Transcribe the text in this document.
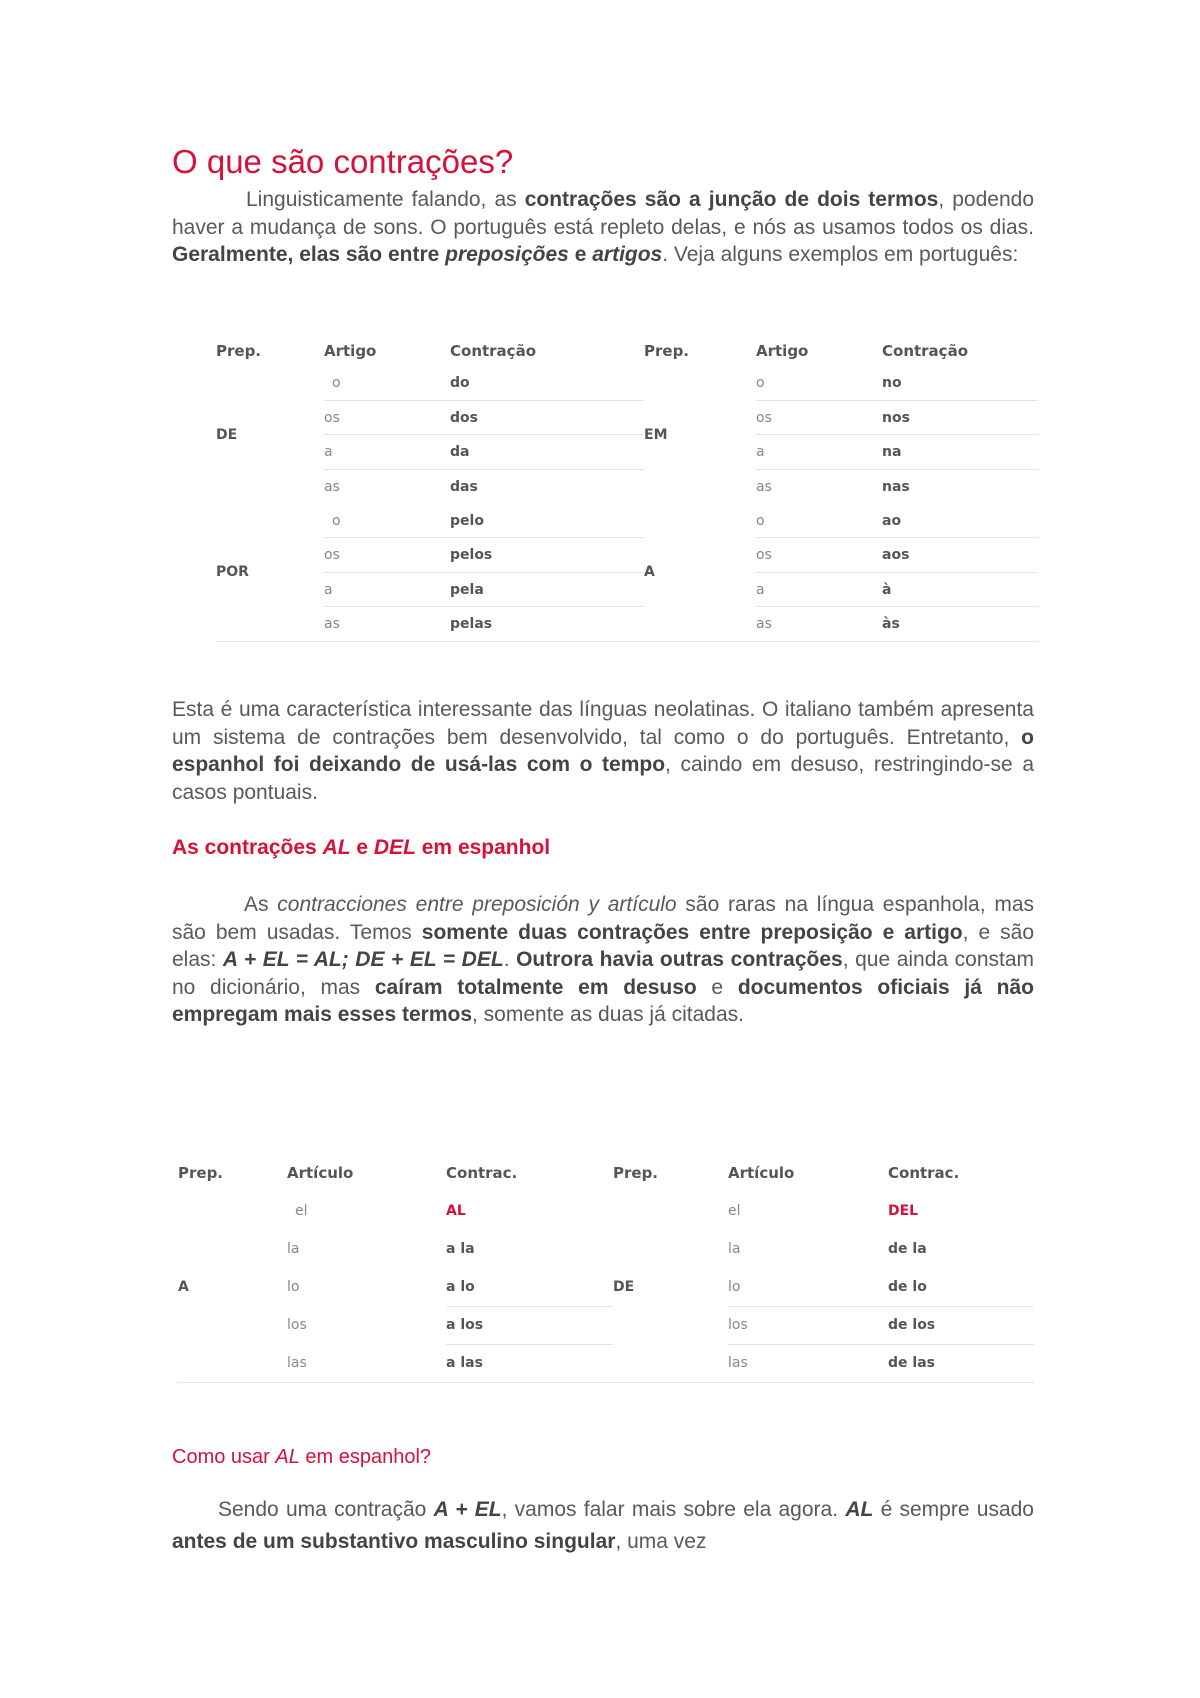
O que são contrações?

Linguisticamente falando, as contrações são a junção de dois termos, podendo haver a mudança de sons. O português está repleto delas, e nós as usamos todos os dias. Geralmente, elas são entre preposições e artigos. Veja alguns exemplos em português:

Prep.	Artigo	Contração	Prep.	Artigo	Contração
DE	o	do	EM	o	no
	os	dos		os	nos
	a	da		a	na
	as	das		as	nas
POR	o	pelo	A	o	ao
	os	pelos		os	aos
	a	pela		a	à
	as	pelas		as	às

Esta é uma característica interessante das línguas neolatinas. O italiano também apresenta um sistema de contrações bem desenvolvido, tal como o do português. Entretanto, o espanhol foi deixando de usá-las com o tempo, caindo em desuso, restringindo-se a casos pontuais.

As contrações AL e DEL em espanhol

As contracciones entre preposición y artículo são raras na língua espanhola, mas são bem usadas. Temos somente duas contrações entre preposição e artigo, e são elas: A + EL = AL; DE + EL = DEL. Outrora havia outras contrações, que ainda constam no dicionário, mas caíram totalmente em desuso e documentos oficiais já não empregam mais esses termos, somente as duas já citadas.

Prep.	Artículo	Contrac.	Prep.	Artículo	Contrac.
A	el	AL	DE	el	DEL
	la	a la		la	de la
	lo	a lo		lo	de lo
	los	a los		los	de los
	las	a las		las	de las
Como usar AL em espanhol?

Sendo uma contração A + EL, vamos falar mais sobre ela agora. AL é sempre usado antes de um substantivo masculino singular, uma vez
